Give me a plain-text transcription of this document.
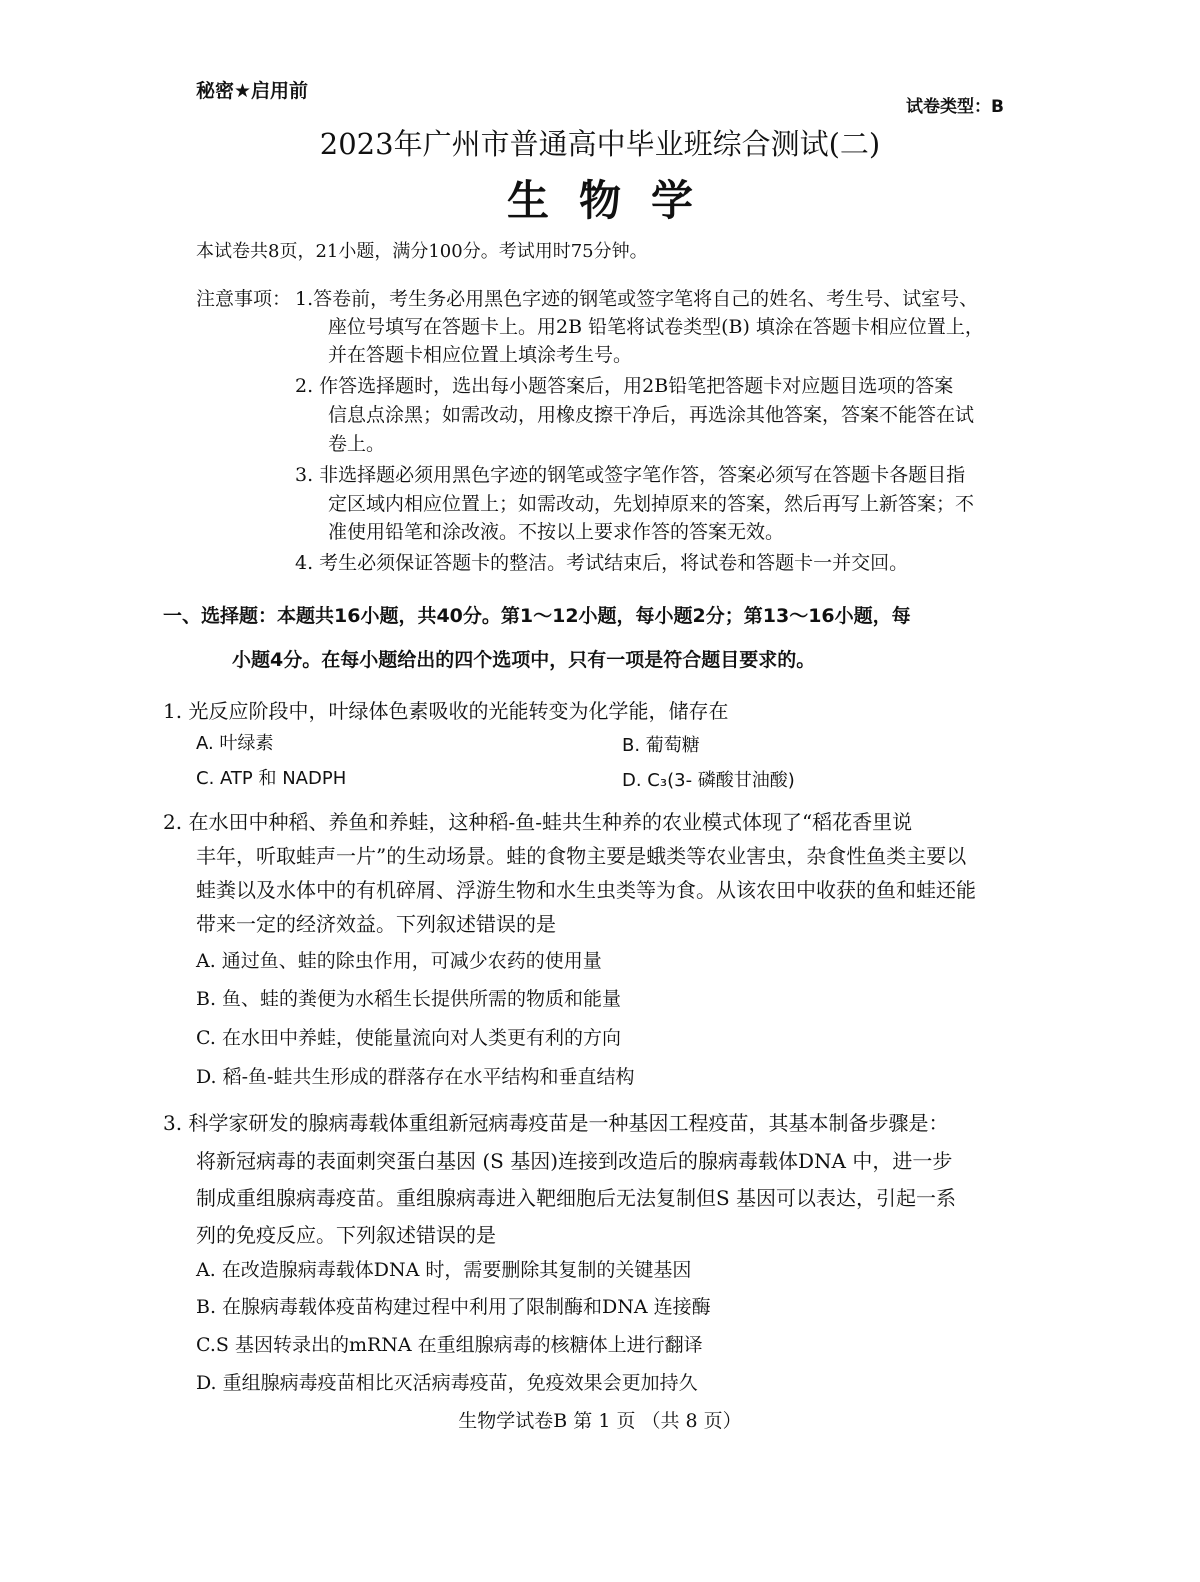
秘密★启用前
试卷类型：B
2023年广州市普通高中毕业班综合测试(二)
生物学
本试卷共8页，21小题，满分100分。考试用时75分钟。
注意事项： 1.答卷前，考生务必用黑色字迹的钢笔或签字笔将自己的姓名、考生号、试室号、
座位号填写在答题卡上。用2B 铅笔将试卷类型(B) 填涂在答题卡相应位置上，
并在答题卡相应位置上填涂考生号。
2. 作答选择题时，选出每小题答案后，用2B铅笔把答题卡对应题目选项的答案
信息点涂黑；如需改动，用橡皮擦干净后，再选涂其他答案，答案不能答在试
卷上。
3. 非选择题必须用黑色字迹的钢笔或签字笔作答，答案必须写在答题卡各题目指
定区域内相应位置上；如需改动，先划掉原来的答案，然后再写上新答案；不
准使用铅笔和涂改液。不按以上要求作答的答案无效。
4. 考生必须保证答题卡的整洁。考试结束后，将试卷和答题卡一并交回。
一、选择题：本题共16小题，共40分。第1～12小题，每小题2分；第13～16小题，每
小题4分。在每小题给出的四个选项中，只有一项是符合题目要求的。
1. 光反应阶段中，叶绿体色素吸收的光能转变为化学能，储存在
A. 叶绿素	B. 葡萄糖
C. ATP 和 NADPH	D. C₃(3- 磷酸甘油酸)
2. 在水田中种稻、养鱼和养蛙，这种稻-鱼-蛙共生种养的农业模式体现了“稻花香里说
丰年，听取蛙声一片”的生动场景。蛙的食物主要是蛾类等农业害虫，杂食性鱼类主要以
蛙粪以及水体中的有机碎屑、浮游生物和水生虫类等为食。从该农田中收获的鱼和蛙还能
带来一定的经济效益。下列叙述错误的是
A. 通过鱼、蛙的除虫作用，可减少农药的使用量
B. 鱼、蛙的粪便为水稻生长提供所需的物质和能量
C. 在水田中养蛙，使能量流向对人类更有利的方向
D. 稻-鱼-蛙共生形成的群落存在水平结构和垂直结构
3. 科学家研发的腺病毒载体重组新冠病毒疫苗是一种基因工程疫苗，其基本制备步骤是：
将新冠病毒的表面刺突蛋白基因 (S 基因)连接到改造后的腺病毒载体DNA 中，进一步
制成重组腺病毒疫苗。重组腺病毒进入靶细胞后无法复制但S 基因可以表达，引起一系
列的免疫反应。下列叙述错误的是
A. 在改造腺病毒载体DNA 时，需要删除其复制的关键基因
B. 在腺病毒载体疫苗构建过程中利用了限制酶和DNA 连接酶
C.S 基因转录出的mRNA 在重组腺病毒的核糖体上进行翻译
D. 重组腺病毒疫苗相比灭活病毒疫苗，免疫效果会更加持久
生物学试卷B 第 1 页 （共 8 页）
